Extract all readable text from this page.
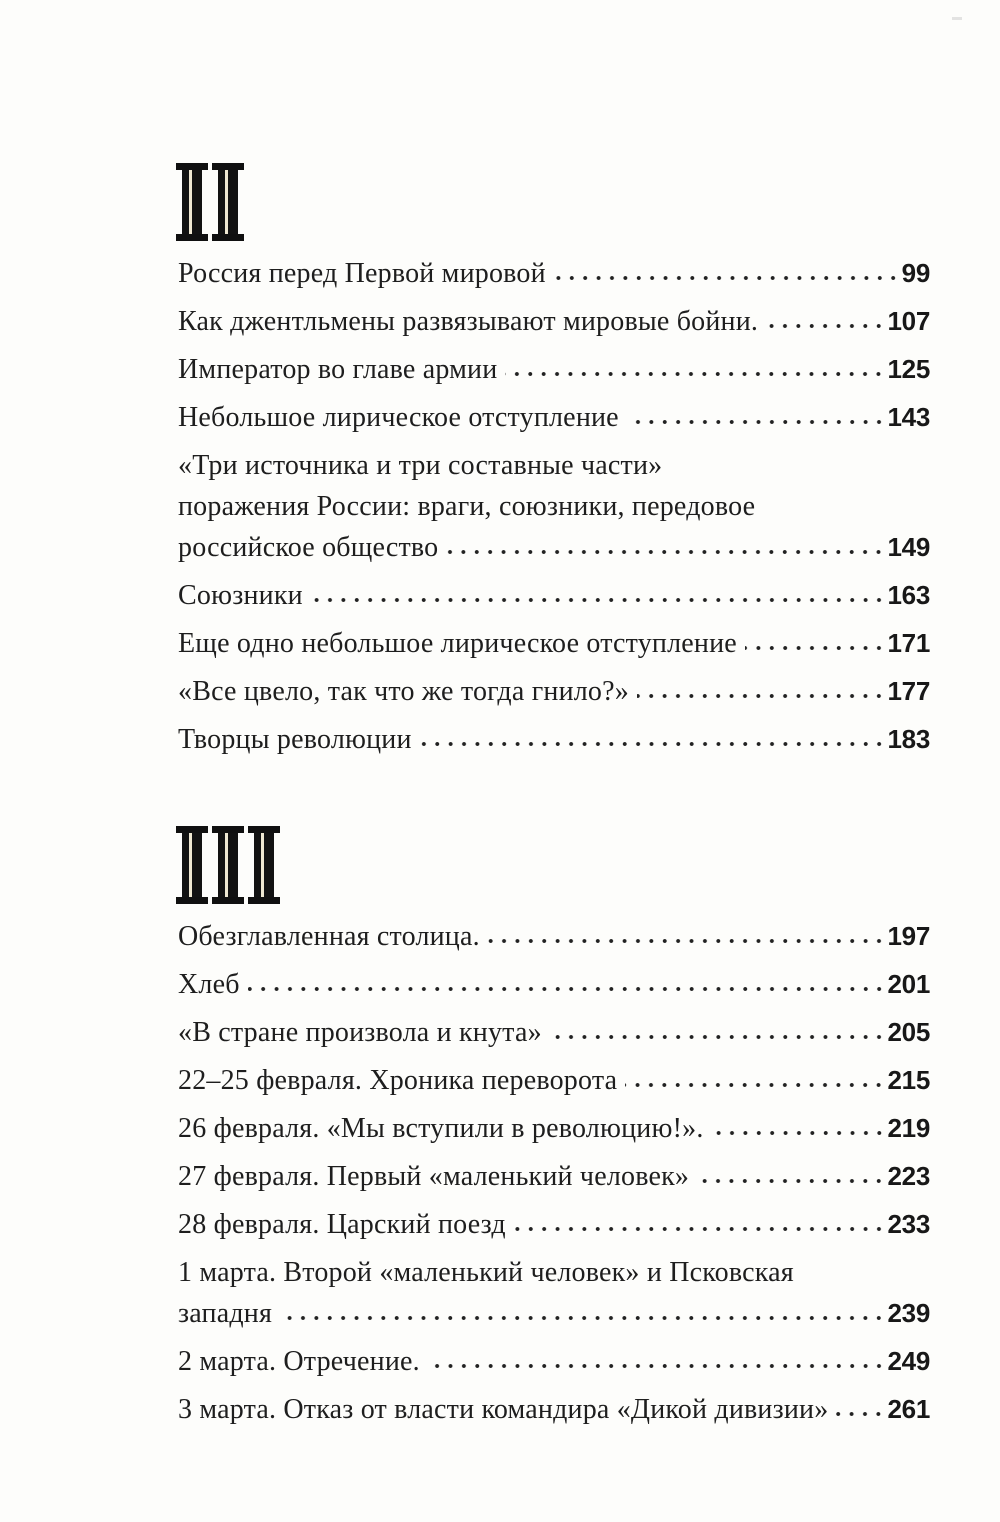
Россия перед Первой мировой	99
Как джентльмены развязывают мировые бойни.	107
Император во главе армии	125
Небольшое лирическое отступление	143
«Три источника и три составные части»
поражения России: враги, союзники, передовое
российское общество	149
Союзники	163
Еще одно небольшое лирическое отступление	171
«Все цвело, так что же тогда гнило?»	177
Творцы революции	183
Обезглавленная столица.	197
Хлеб	201
«В стране произвола и кнута»	205
22–25 февраля. Хроника переворота	215
26 февраля. «Мы вступили в революцию!».	219
27 февраля. Первый «маленький человек»	223
28 февраля. Царский поезд	233
1 марта. Второй «маленький человек» и Псковская
западня	239
2 марта. Отречение.	249
3 марта. Отказ от власти командира «Дикой дивизии» 261
